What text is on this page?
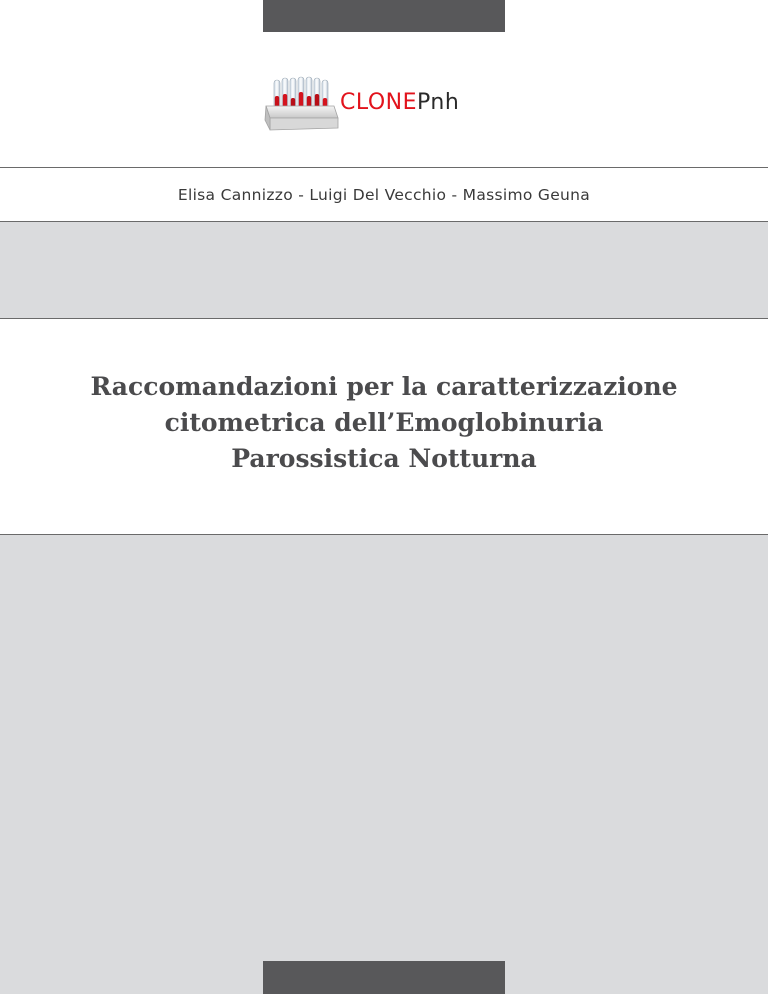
CLONEPnh
Elisa Cannizzo - Luigi Del Vecchio - Massimo Geuna
Raccomandazioni per la caratterizzazione
citometrica dell’Emoglobinuria
Parossistica Notturna
